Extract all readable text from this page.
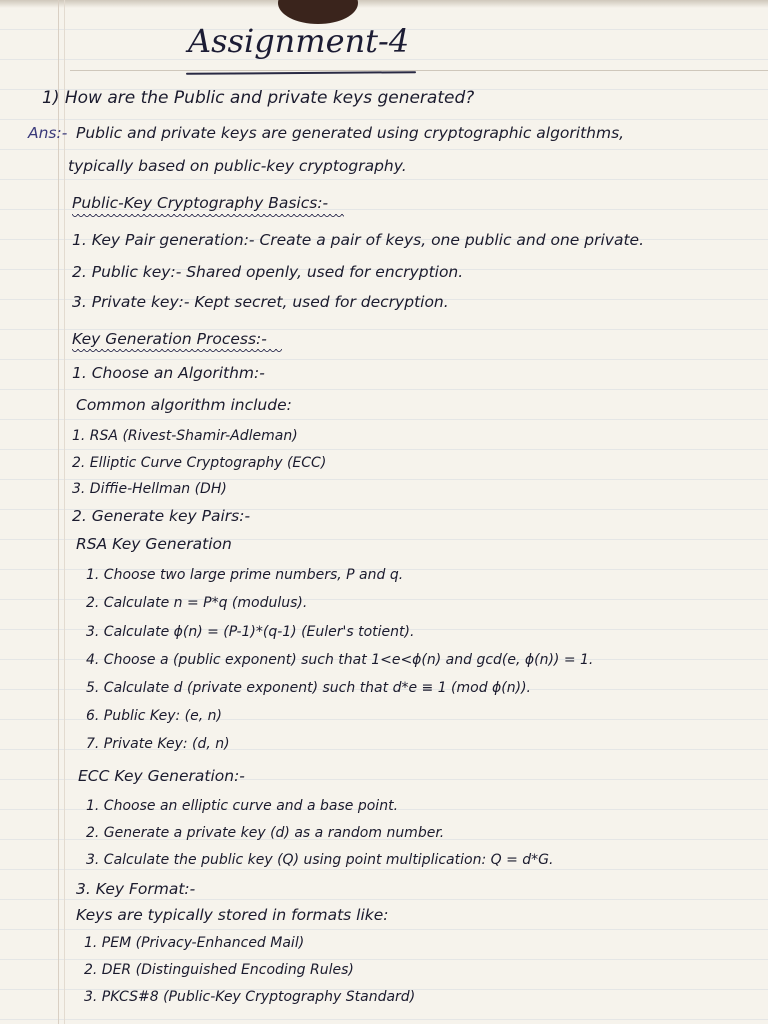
Assignment-4
1) How are the Public and private keys generated?
Ans:- Public and private keys are generated using cryptographic algorithms,
typically based on public-key cryptography.
Public-Key Cryptography Basics:-
1. Key Pair generation:- Create a pair of keys, one public and one private.
2. Public key:- Shared openly, used for encryption.
3. Private key:- Kept secret, used for decryption.
Key Generation Process:-
1. Choose an Algorithm:-
Common algorithm include:
1. RSA (Rivest-Shamir-Adleman)
2. Elliptic Curve Cryptography (ECC)
3. Diffie-Hellman (DH)
2. Generate key Pairs:-
RSA Key Generation
1. Choose two large prime numbers, P and q.
2. Calculate n = P*q (modulus).
3. Calculate ϕ(n) = (P-1)*(q-1) (Euler's totient).
4. Choose a (public exponent) such that 1<e<ϕ(n) and gcd(e, ϕ(n)) = 1.
5. Calculate d (private exponent) such that d*e ≡ 1 (mod ϕ(n)).
6. Public Key: (e, n)
7. Private Key: (d, n)
ECC Key Generation:-
1. Choose an elliptic curve and a base point.
2. Generate a private key (d) as a random number.
3. Calculate the public key (Q) using point multiplication: Q = d*G.
3. Key Format:-
Keys are typically stored in formats like:
1. PEM (Privacy-Enhanced Mail)
2. DER (Distinguished Encoding Rules)
3. PKCS#8 (Public-Key Cryptography Standard)
